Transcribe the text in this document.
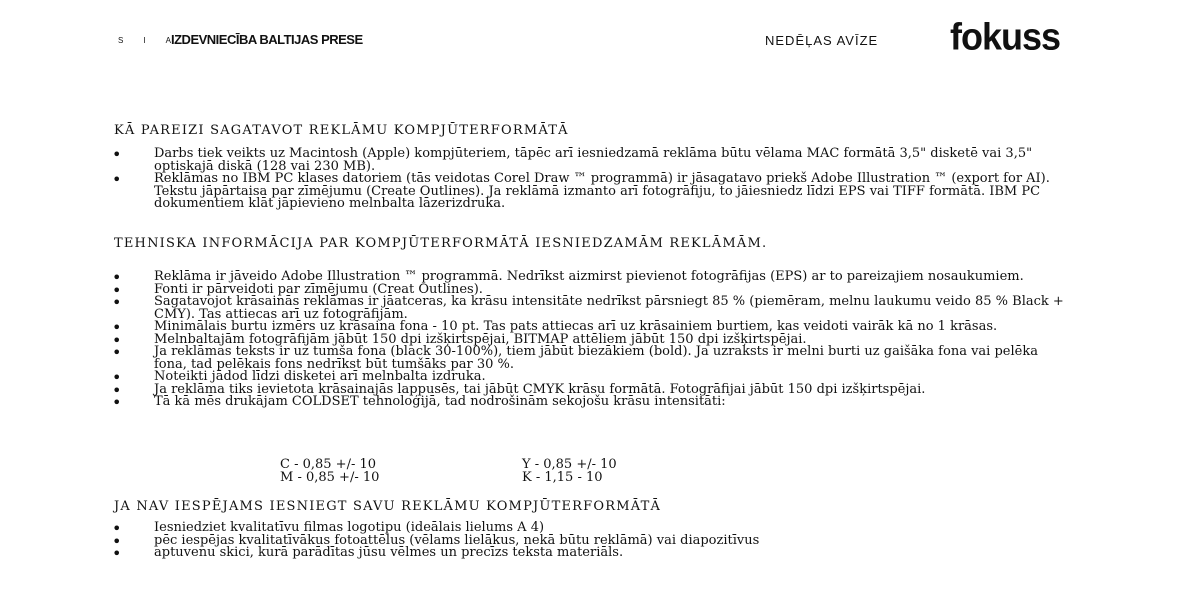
S I A
IZDEVNIECĪBA BALTIJAS PRESE	NEDĒĻAS AVĪZE fokuss
KĀ PAREIZI SAGATAVOT REKLĀMU KOMPJŪTERFORMĀTĀ
• Darbs tiek veikts uz Macintosh (Apple) kompjūteriem, tāpēc arī iesniedzamā reklāma būtu vēlama MAC formātā 3,5" disketē vai 3,5" optiskajā diskā (128 vai 230 MB).
• Reklāmas no IBM PC klases datoriem (tās veidotas Corel Draw ™ programmā) ir jāsagatavo priekš Adobe Illustration ™ (export for AI). Tekstu jāpārtaisa par zīmējumu (Create Outlines). Ja reklāmā izmanto arī fotogrāfiju, to jāiesniedz līdzi EPS vai TIFF formātā. IBM PC dokumentiem klāt jāpievieno melnbalta lāzerizdruka.
TEHNISKA INFORMĀCIJA PAR KOMPJŪTERFORMĀTĀ IESNIEDZAMĀM REKLĀMĀM.
• Reklāma ir jāveido Adobe Illustration ™ programmā. Nedrīkst aizmirst pievienot fotogrāfijas (EPS) ar to pareizajiem nosaukumiem.
• Fonti ir pārveidoti par zīmējumu (Creat Outlines).
• Sagatavojot krāsainās reklāmas ir jāatceras, ka krāsu intensitāte nedrīkst pārsniegt 85 % (piemēram, melnu laukumu veido 85 % Black + CMY). Tas attiecas arī uz fotogrāfijām.
• Minimālais burtu izmērs uz krāsaina fona - 10 pt. Tas pats attiecas arī uz krāsainiem burtiem, kas veidoti vairāk kā no 1 krāsas.
• Melnbaltajām fotogrāfijām jābūt 150 dpi izšķirtspējai, BITMAP attēliem jābūt 150 dpi izšķirtspējai.
• Ja reklāmas teksts ir uz tumša fona (black 30-100%), tiem jābūt biezākiem (bold). Ja uzraksts ir melni burti uz gaišāka fona vai pelēka fona, tad pelēkais fons nedrīkst būt tumšāks par 30 %.
• Noteikti jādod līdzi disketei arī melnbalta izdruka.
• Ja reklāma tiks ievietota krāsainajās lappusēs, tai jābūt CMYK krāsu formātā. Fotogrāfijai jābūt 150 dpi izšķirtspējai.
• Tā kā mēs drukājam COLDSET tehnoloģijā, tad nodrošinām sekojošu krāsu intensitāti:
C - 0,85 +/- 10	Y - 0,85 +/- 10
M - 0,85 +/- 10	K - 1,15 - 10
JA NAV IESPĒJAMS IESNIEGT SAVU REKLĀMU KOMPJŪTERFORMĀTĀ
• Iesniedziet kvalitatīvu filmas logotipu (ideālais lielums A 4)
• pēc iespējas kvalitatīvākus fotoattēlus (vēlams lielākus, nekā būtu reklāmā) vai diapozitīvus
• aptuvenu skici, kurā parādītas jūsu vēlmes un precīzs teksta materiāls.
